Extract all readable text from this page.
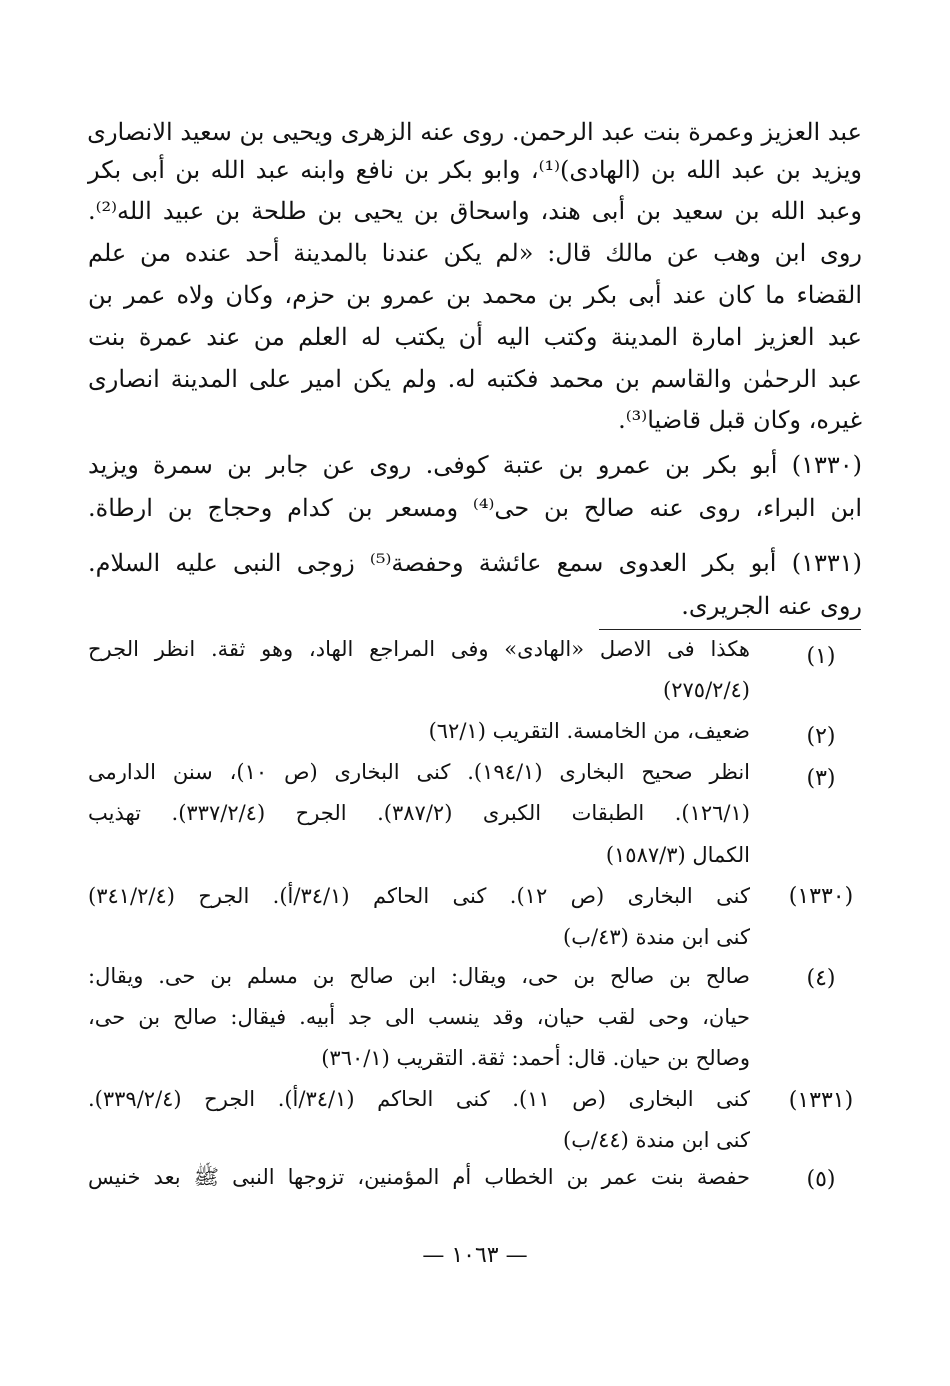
عبد العزيز وعمرة بنت عبد الرحمن. روى عنه الزهرى ويحيى بن سعيد الانصارى
ويزيد بن عبد الله بن (الهادى)⁽¹⁾، وابو بكر بن نافع وابنه عبد الله بن أبى بكر
وعبد الله بن سعيد بن أبى هند، واسحاق بن يحيى بن طلحة بن عبيد الله⁽²⁾.
روى ابن وهب عن مالك قال: «لم يكن عندنا بالمدينة أحد عنده من علم
القضاء ما كان عند أبى بكر بن محمد بن عمرو بن حزم، وكان ولاه عمر بن
عبد العزيز امارة المدينة وكتب اليه أن يكتب له العلم من عند عمرة بنت
عبد الرحمٰن والقاسم بن محمد فكتبه له. ولم يكن امير على المدينة انصارى
غيره، وكان قبل قاضيا⁽³⁾.
(١٣٣٠) أبو بكر بن عمرو بن عتبة كوفى. روى عن جابر بن سمرة ويزيد
ابن البراء، روى عنه صالح بن حى⁽⁴⁾ ومسعر بن كدام وحجاج بن ارطاة.
(١٣٣١) أبو بكر العدوى سمع عائشة وحفصة⁽⁵⁾ زوجى النبى عليه السلام.
روى عنه الجريرى.
(١)
هكذا فى الاصل «الهادى» وفى المراجع الهاد، وهو ثقة. انظر الجرح
(٢٧٥/٢/٤)
(٢)
ضعيف، من الخامسة. التقريب (٦٢/١)
(٣)
انظر صحيح البخارى (١٩٤/١). كنى البخارى (ص ١٠)، سنن الدارمى
(١٢٦/١). الطبقات الكبرى (٣٨٧/٢). الجرح (٣٣٧/٢/٤). تهذيب
الكمال (١٥٨٧/٣)
(١٣٣٠)
كنى البخارى (ص ١٢). كنى الحاكم (٣٤/١/أ). الجرح (٣٤١/٢/٤)
كنى ابن مندة (٤٣/ب)
(٤)
صالح بن صالح بن حى، ويقال: ابن صالح بن مسلم بن حى. ويقال:
حيان، وحى لقب حيان، وقد ينسب الى جد أبيه. فيقال: صالح بن حى،
وصالح بن حيان. قال: أحمد: ثقة. التقريب (٣٦٠/١)
(١٣٣١)
كنى البخارى (ص ١١). كنى الحاكم (٣٤/١/أ). الجرح (٣٣٩/٢/٤).
كنى ابن مندة (٤٤/ب)
(٥)
حفصة بنت عمر بن الخطاب أم المؤمنين، تزوجها النبى ﷺ بعد خنيس
— ١٠٦٣ —
